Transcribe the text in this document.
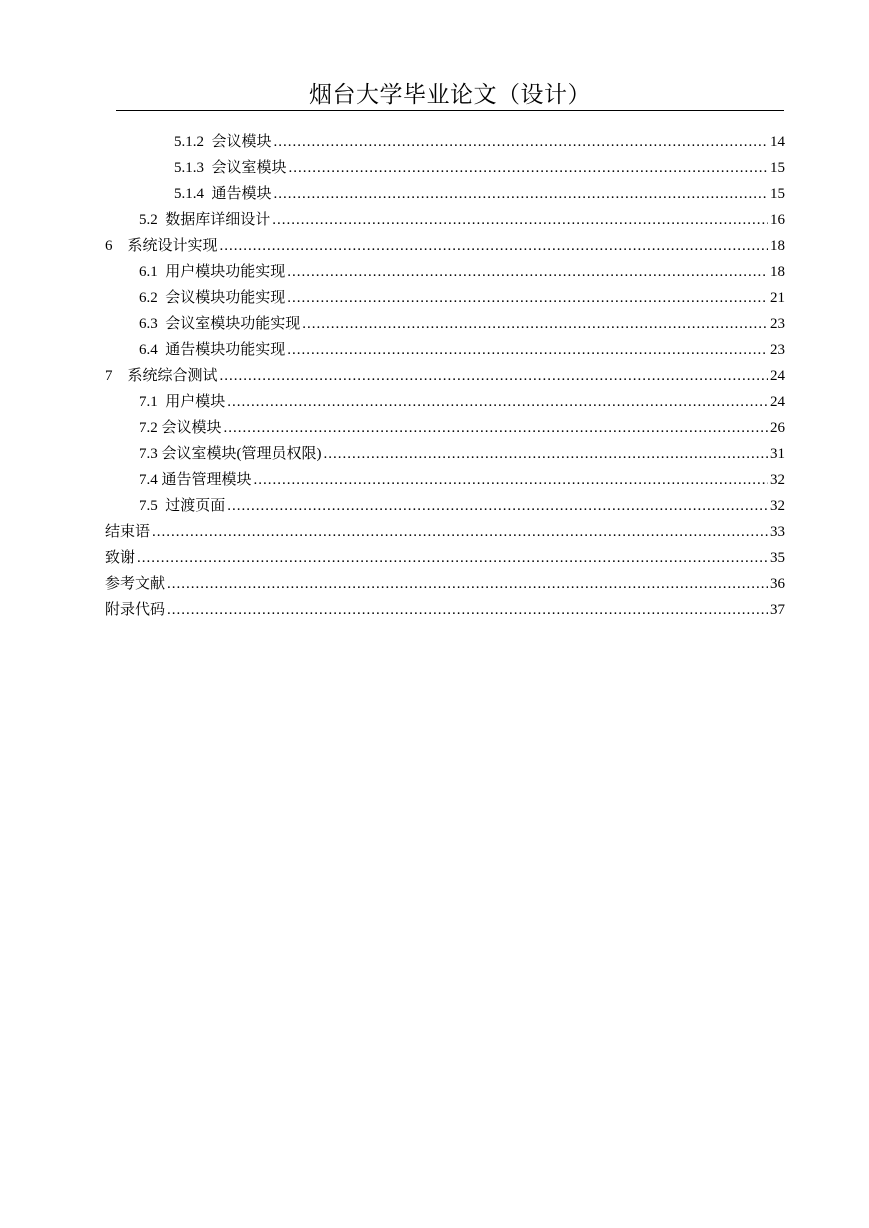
烟台大学毕业论文（设计）
5.1.2  会议模块 .....	14
5.1.3  会议室模块 .....	15
5.1.4  通告模块 .....	15
5.2  数据库详细设计 .....	16
6    系统设计实现 .....	18
6.1  用户模块功能实现 .....	18
6.2  会议模块功能实现 .....	21
6.3  会议室模块功能实现 .....	23
6.4  通告模块功能实现 .....	23
7    系统综合测试 .....	24
7.1  用户模块 .....	24
7.2 会议模块 .....	26
7.3 会议室模块(管理员权限) .....	31
7.4 通告管理模块 .....	32
7.5  过渡页面 .....	32
结束语 .....	33
致谢 .....	35
参考文献 .....	36
附录代码 .....	37
